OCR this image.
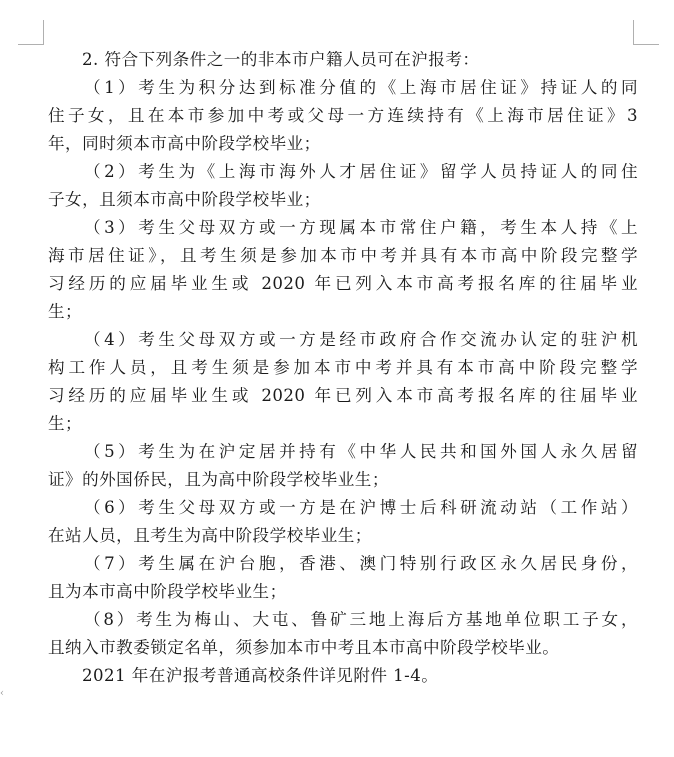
‹
2. 符合下列条件之一的非本市户籍人员可在沪报考：
（1）考生为积分达到标准分值的《上海市居住证》持证人的同
住子女，且在本市参加中考或父母一方连续持有《上海市居住证》3
年，同时须本市高中阶段学校毕业；
（2）考生为《上海市海外人才居住证》留学人员持证人的同住
子女，且须本市高中阶段学校毕业；
（3）考生父母双方或一方现属本市常住户籍，考生本人持《上
海市居住证》，且考生须是参加本市中考并具有本市高中阶段完整学
习经历的应届毕业生或 2020 年已列入本市高考报名库的往届毕业
生；
（4）考生父母双方或一方是经市政府合作交流办认定的驻沪机
构工作人员，且考生须是参加本市中考并具有本市高中阶段完整学
习经历的应届毕业生或 2020 年已列入本市高考报名库的往届毕业
生；
（5）考生为在沪定居并持有《中华人民共和国外国人永久居留
证》的外国侨民，且为高中阶段学校毕业生；
（6）考生父母双方或一方是在沪博士后科研流动站（工作站）
在站人员，且考生为高中阶段学校毕业生；
（7）考生属在沪台胞，香港、澳门特别行政区永久居民身份，
且为本市高中阶段学校毕业生；
（8）考生为梅山、大屯、鲁矿三地上海后方基地单位职工子女，
且纳入市教委锁定名单，须参加本市中考且本市高中阶段学校毕业。
2021 年在沪报考普通高校条件详见附件 1-4。
